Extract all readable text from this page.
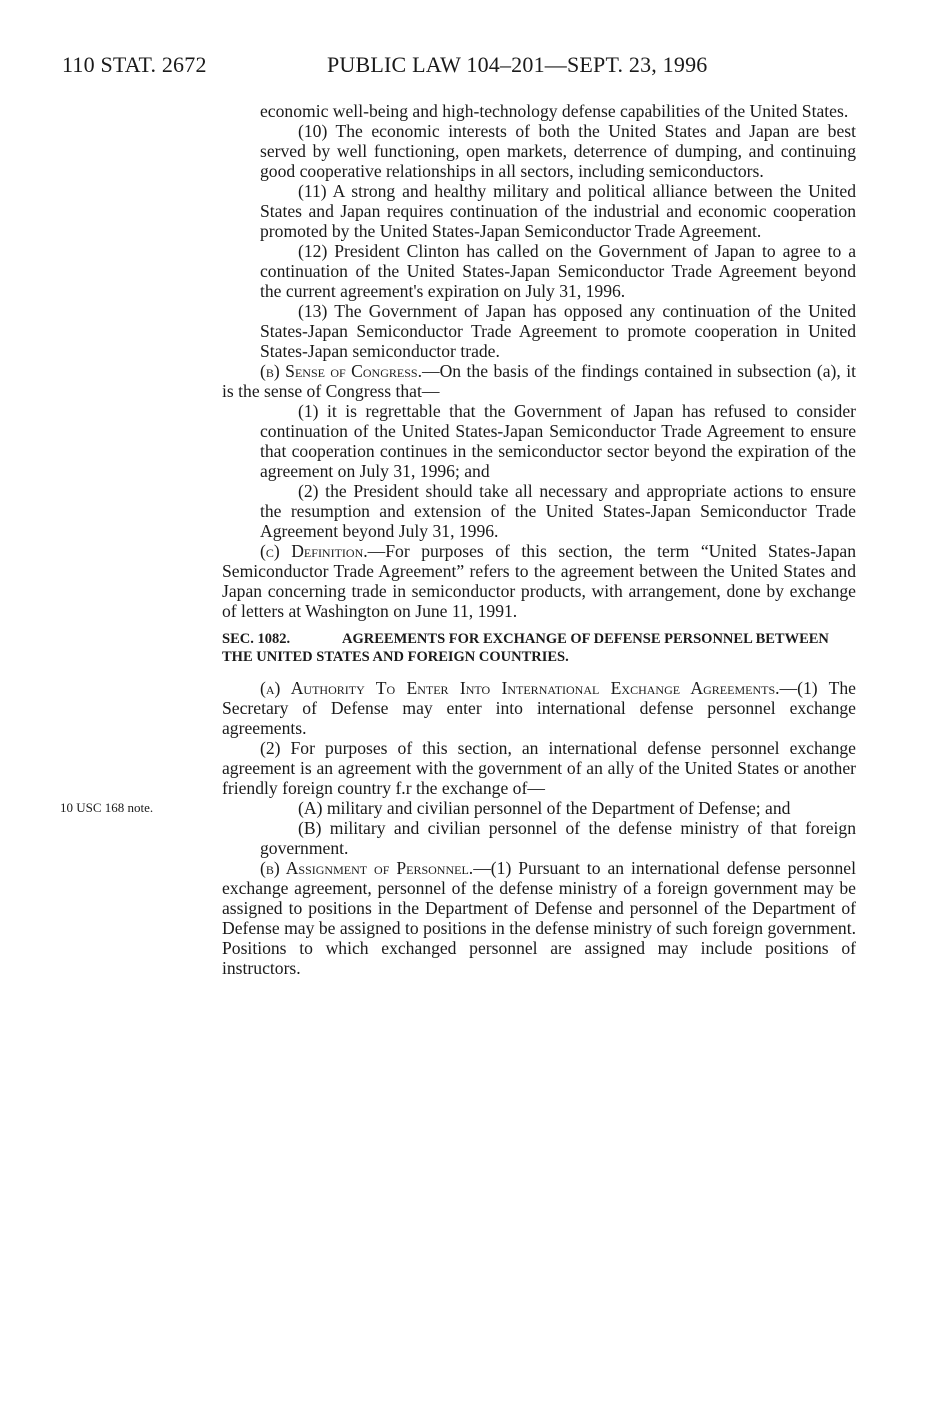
110 STAT. 2672	PUBLIC LAW 104–201—SEPT. 23, 1996
10 USC 168 note.

economic well-being and high-technology defense capabilities of the United States.

(10) The economic interests of both the United States and Japan are best served by well functioning, open markets, deterrence of dumping, and continuing good cooperative relationships in all sectors, including semiconductors.

(11) A strong and healthy military and political alliance between the United States and Japan requires continuation of the industrial and economic cooperation promoted by the United States-Japan Semiconductor Trade Agreement.

(12) President Clinton has called on the Government of Japan to agree to a continuation of the United States-Japan Semiconductor Trade Agreement beyond the current agreement's expiration on July 31, 1996.

(13) The Government of Japan has opposed any continuation of the United States-Japan Semiconductor Trade Agreement to promote cooperation in United States-Japan semiconductor trade.

(b) Sense of Congress.—On the basis of the findings contained in subsection (a), it is the sense of Congress that—

(1) it is regrettable that the Government of Japan has refused to consider continuation of the United States-Japan Semiconductor Trade Agreement to ensure that cooperation continues in the semiconductor sector beyond the expiration of the agreement on July 31, 1996; and

(2) the President should take all necessary and appropriate actions to ensure the resumption and extension of the United States-Japan Semiconductor Trade Agreement beyond July 31, 1996.

(c) Definition.—For purposes of this section, the term “United States-Japan Semiconductor Trade Agreement” refers to the agreement between the United States and Japan concerning trade in semiconductor products, with arrangement, done by exchange of letters at Washington on June 11, 1991.

SEC. 1082.	AGREEMENTS FOR EXCHANGE OF DEFENSE PERSONNEL BETWEEN THE UNITED STATES AND FOREIGN COUNTRIES.

(a) Authority To Enter Into International Exchange Agreements.—(1) The Secretary of Defense may enter into international defense personnel exchange agreements.

(2) For purposes of this section, an international defense personnel exchange agreement is an agreement with the government of an ally of the United States or another friendly foreign country f.r the exchange of—

(A) military and civilian personnel of the Department of Defense; and

(B) military and civilian personnel of the defense ministry of that foreign government.

(b) Assignment of Personnel.—(1) Pursuant to an international defense personnel exchange agreement, personnel of the defense ministry of a foreign government may be assigned to positions in the Department of Defense and personnel of the Department of Defense may be assigned to positions in the defense ministry of such foreign government. Positions to which exchanged personnel are assigned may include positions of instructors.
